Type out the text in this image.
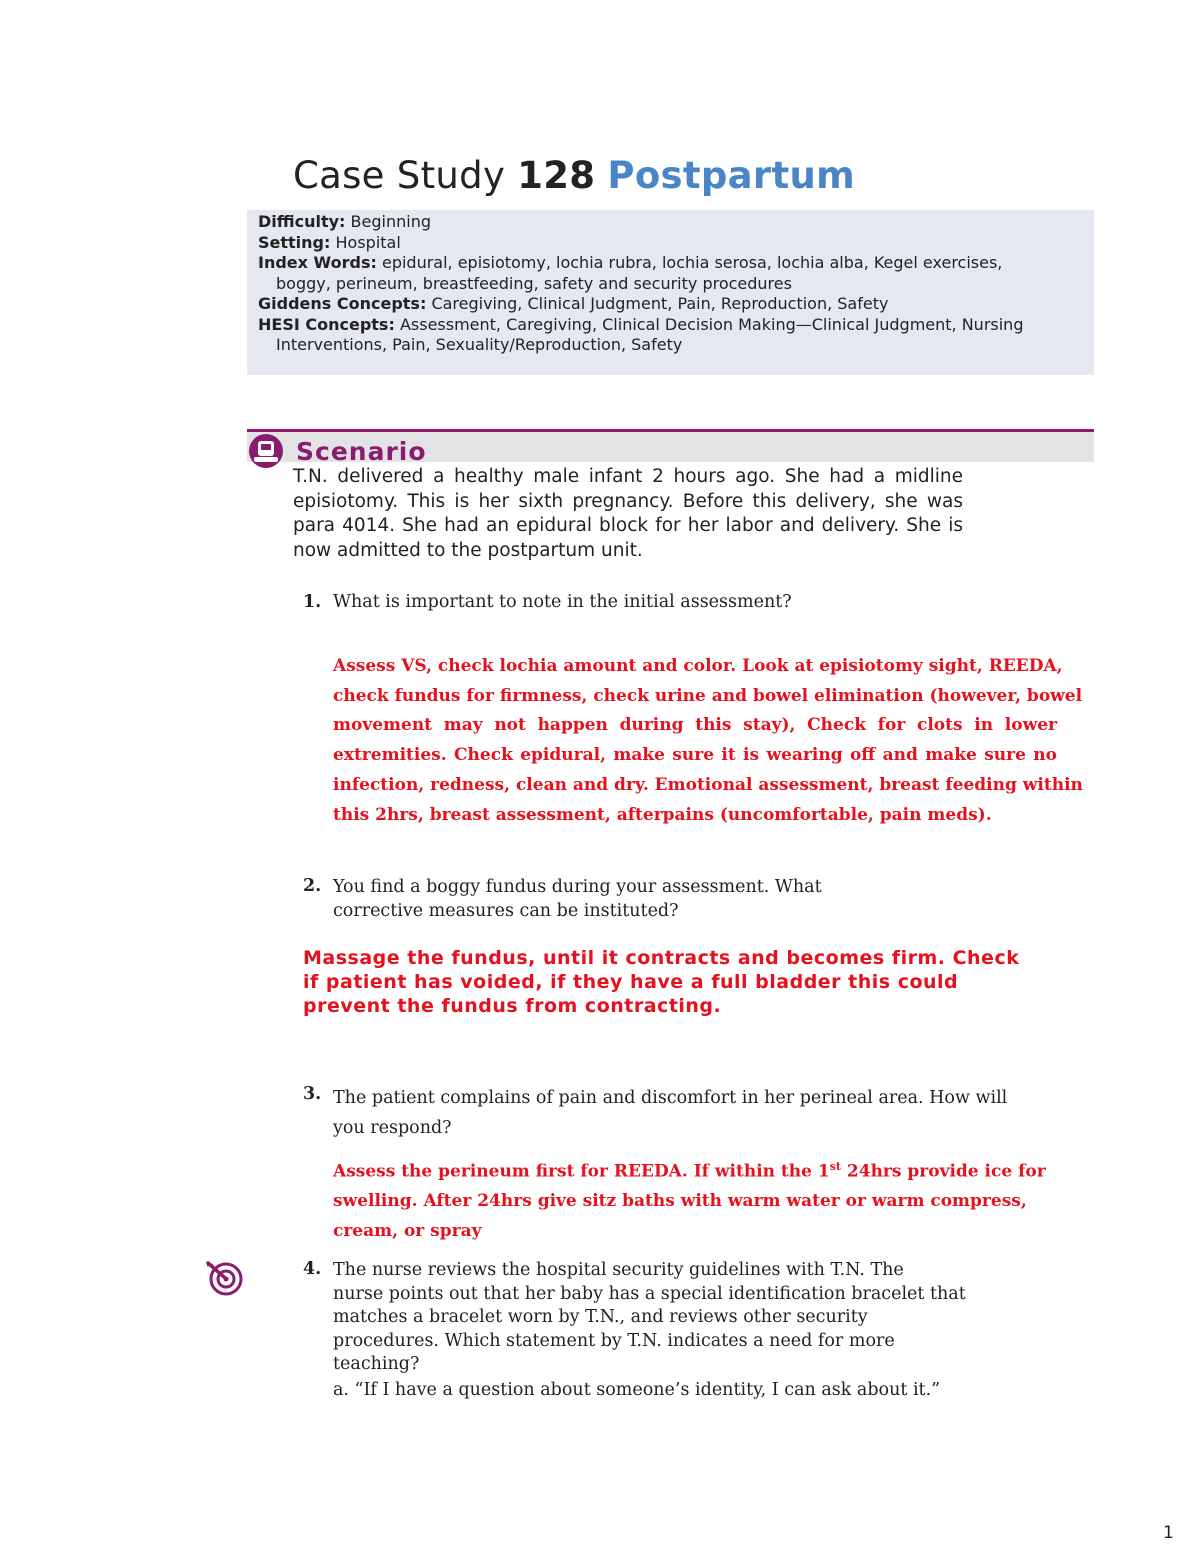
Case Study 128 Postpartum
Difficulty: Beginning
Setting: Hospital
Index Words: epidural, episiotomy, lochia rubra, lochia serosa, lochia alba, Kegel exercises,
boggy, perineum, breastfeeding, safety and security procedures
Giddens Concepts: Caregiving, Clinical Judgment, Pain, Reproduction, Safety
HESI Concepts: Assessment, Caregiving, Clinical Decision Making—Clinical Judgment, Nursing
Interventions, Pain, Sexuality/Reproduction, Safety
Scenario
T.N. delivered a healthy male infant 2 hours ago. She had a midline episiotomy. This is her sixth pregnancy. Before this delivery, she was para 4014. She had an epidural block for her labor and delivery. She is now admitted to the postpartum unit.
1. What is important to note in the initial assessment?
Assess VS, check lochia amount and color. Look at episiotomy sight, REEDA,
check fundus for firmness, check urine and bowel elimination (however, bowel
movement may not happen during this stay), Check for clots in lower
extremities. Check epidural, make sure it is wearing off and make sure no
infection, redness, clean and dry. Emotional assessment, breast feeding within
this 2hrs, breast assessment, afterpains (uncomfortable, pain meds).
2. You find a boggy fundus during your assessment. What
corrective measures can be instituted?
Massage the fundus, until it contracts and becomes firm. Check
if patient has voided, if they have a full bladder this could
prevent the fundus from contracting.
3. The patient complains of pain and discomfort in her perineal area. How will
you respond?
Assess the perineum first for REEDA. If within the 1st 24hrs provide ice for
swelling. After 24hrs give sitz baths with warm water or warm compress,
cream, or spray
4. The nurse reviews the hospital security guidelines with T.N. The
nurse points out that her baby has a special identification bracelet that
matches a bracelet worn by T.N., and reviews other security
procedures. Which statement by T.N. indicates a need for more
teaching?
a. “If I have a question about someone’s identity, I can ask about it.”
1
